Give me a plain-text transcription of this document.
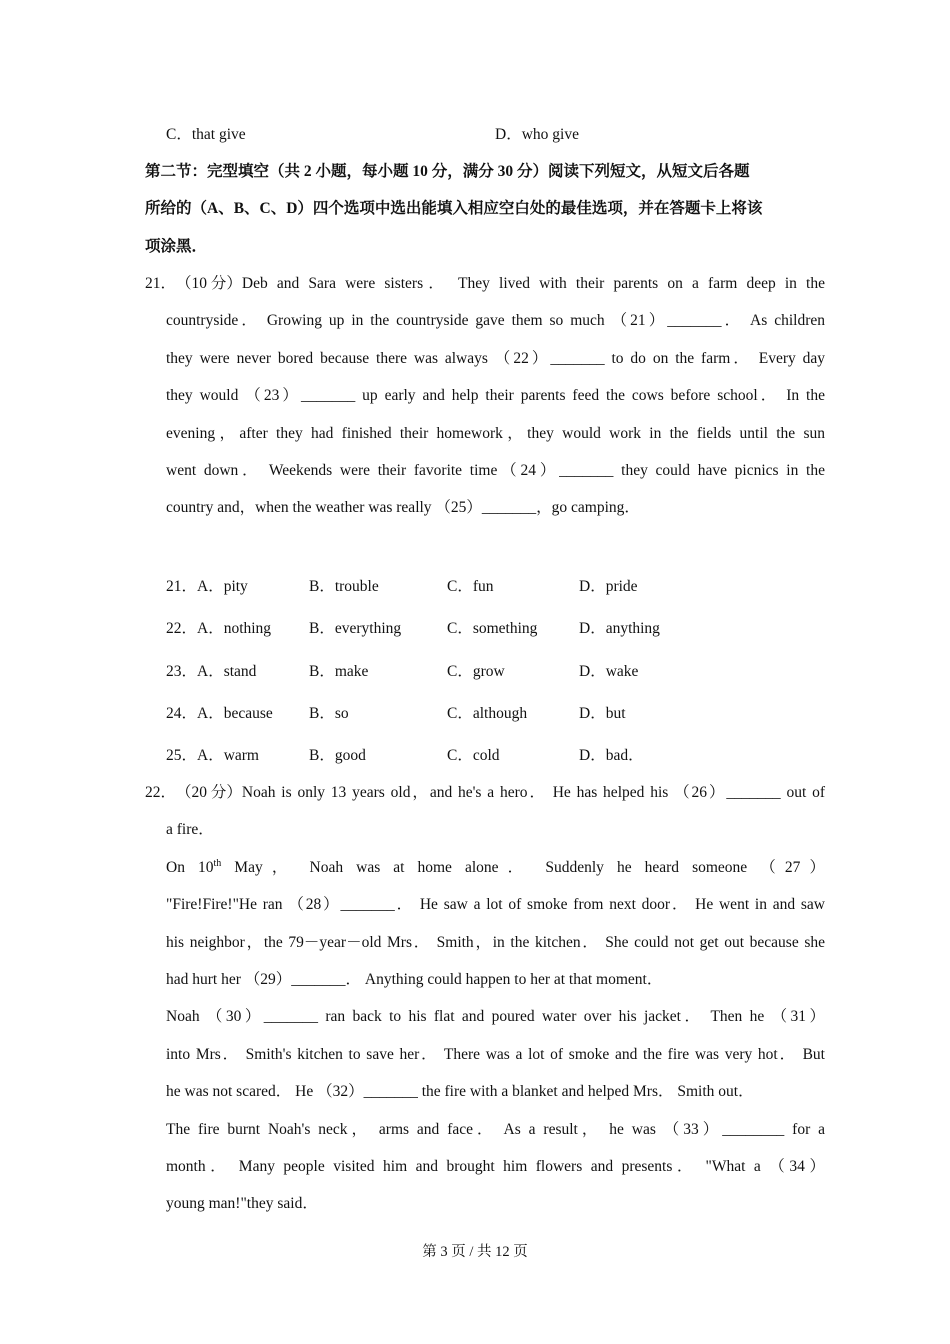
C．that give	D．who give
第二节：完型填空（共 2 小题，每小题 10 分，满分 30 分）阅读下列短文，从短文后各题
所给的（A、B、C、D）四个选项中选出能填入相应空白处的最佳选项，并在答题卡上将该
项涂黑．
21． （10 分） Deb and Sara were sisters． They lived with their parents on a farm deep in the
countryside． Growing up in the countryside gave them so much （21）_______． As children
they were never bored because there was always （22）_______ to do on the farm． Every day
they would （23）_______ up early and help their parents feed the cows before school． In the
evening，after they had finished their homework，they would work in the fields until the sun
went down． Weekends were their favorite time（24）_______ they could have picnics in the
country and，when the weather was really （25）_______，go camping．
21．A．pity	B．trouble	C．fun	D．pride
22．A．nothing	B．everything	C．something	D．anything
23．A．stand	B．make	C．grow	D．wake
24．A．because	B．so	C．although	D．but
25．A．warm	B．good	C．cold	D．bad．
22． （20 分） Noah is only 13 years old，and he's a hero． He has helped his （26）_______ out of
a fire．
On 10th May， Noah was at home alone． Suddenly he heard someone （27）
"Fire!Fire!"He ran （28）_______． He saw a lot of smoke from next door． He went in and saw
his neighbor，the 79－year－old Mrs． Smith，in the kitchen． She could not get out because she
had hurt her （29）_______． Anything could happen to her at that moment．
Noah （30）_______ ran back to his flat and poured water over his jacket． Then he （31）
into Mrs． Smith's kitchen to save her． There was a lot of smoke and the fire was very hot． But
he was not scared． He （32）_______ the fire with a blanket and helped Mrs． Smith out．
The fire burnt Noah's neck， arms and face． As a result， he was （33）________ for a
month． Many people visited him and brought him flowers and presents． "What a （34）
young man!"they said．
第 3 页 / 共 12 页
